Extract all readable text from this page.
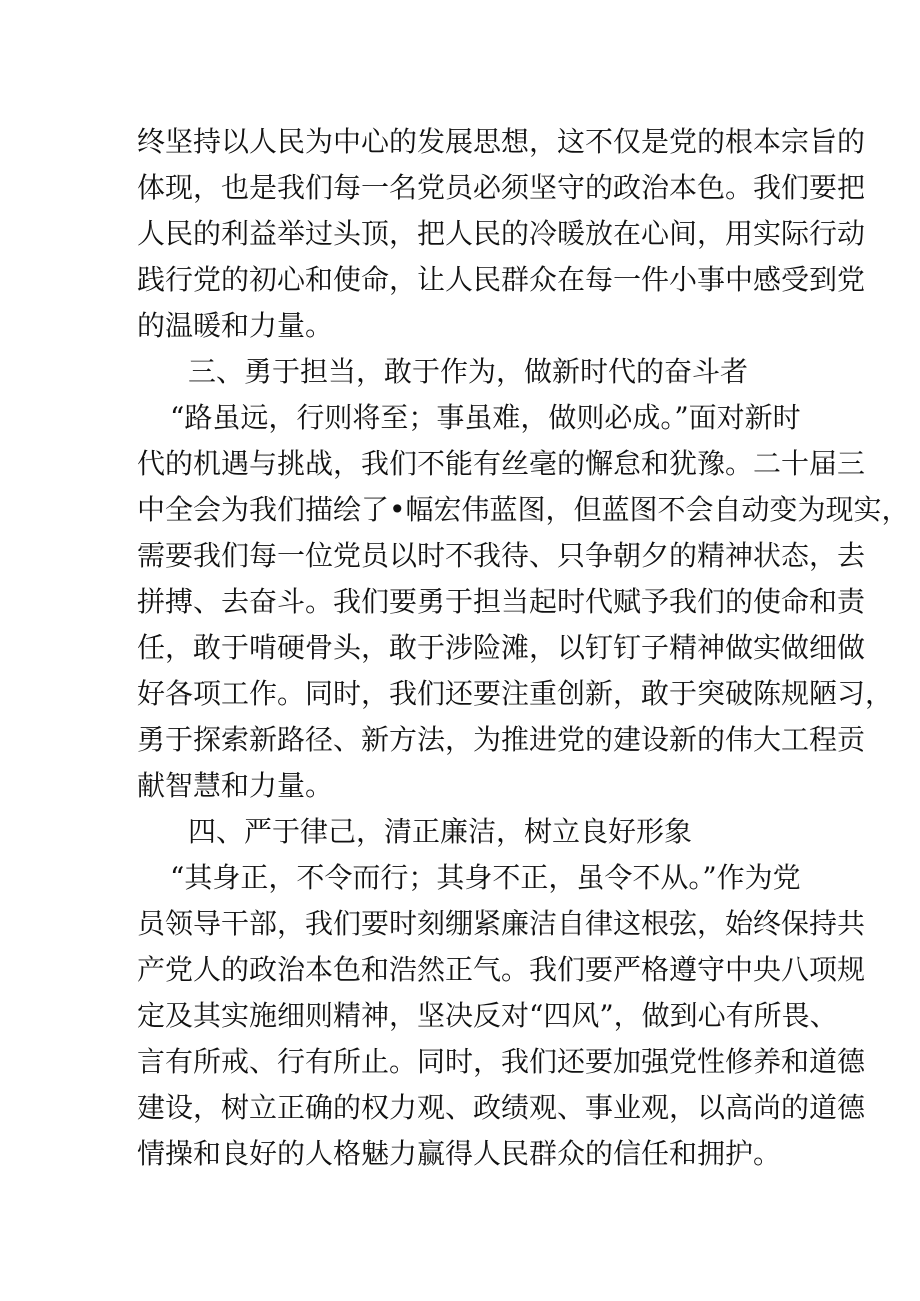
终坚持以人民为中心的发展思想，这不仅是党的根本宗旨的
体现，也是我们每一名党员必须坚守的政治本色。我们要把
人民的利益举过头顶，把人民的冷暖放在心间，用实际行动
践行党的初心和使命，让人民群众在每一件小事中感受到党
的温暖和力量。
三、勇于担当，敢于作为，做新时代的奋斗者
“路虽远，行则将至；事虽难，做则必成。”面对新时
代的机遇与挑战，我们不能有丝毫的懈怠和犹豫。二十届三
中全会为我们描绘了•幅宏伟蓝图，但蓝图不会自动变为现实，
需要我们每一位党员以时不我待、只争朝夕的精神状态，去
拼搏、去奋斗。我们要勇于担当起时代赋予我们的使命和责
任，敢于啃硬骨头，敢于涉险滩，以钉钉子精神做实做细做
好各项工作。同时，我们还要注重创新，敢于突破陈规陋习，
勇于探索新路径、新方法，为推进党的建设新的伟大工程贡
献智慧和力量。
四、严于律己，清正廉洁，树立良好形象
“其身正，不令而行；其身不正，虽令不从。”作为党
员领导干部，我们要时刻绷紧廉洁自律这根弦，始终保持共
产党人的政治本色和浩然正气。我们要严格遵守中央八项规
定及其实施细则精神，坚决反对“四风”，做到心有所畏、
言有所戒、行有所止。同时，我们还要加强党性修养和道德
建设，树立正确的权力观、政绩观、事业观，以高尚的道德
情操和良好的人格魅力赢得人民群众的信任和拥护。
